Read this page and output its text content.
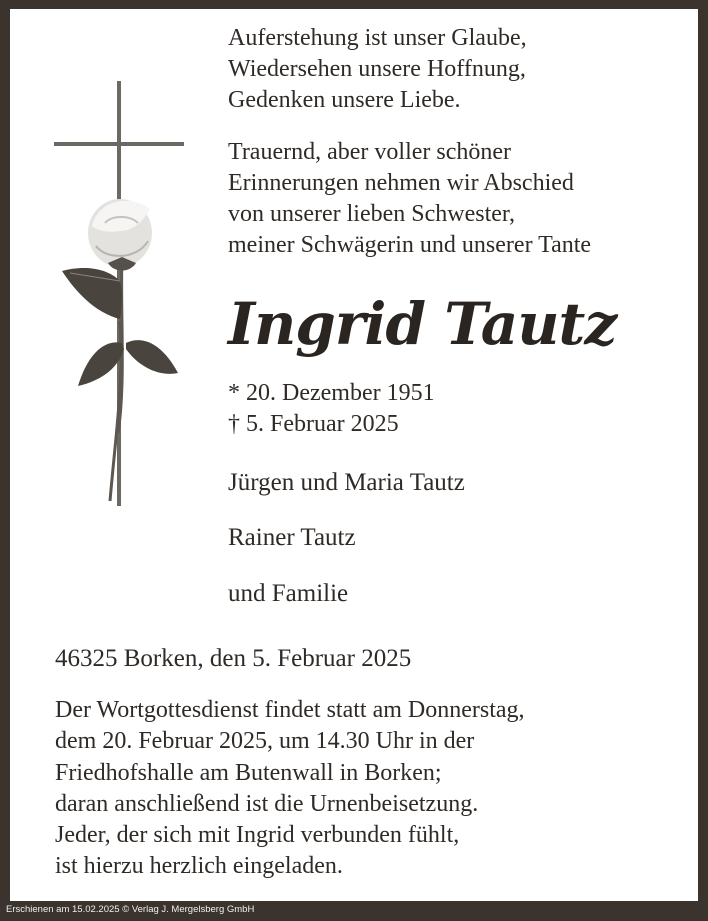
Auferstehung ist unser Glaube,
Wiedersehen unsere Hoffnung,
Gedenken unsere Liebe.
Trauernd, aber voller schöner
Erinnerungen nehmen wir Abschied
von unserer lieben Schwester,
meiner Schwägerin und unserer Tante
Ingrid Tautz
* 20. Dezember 1951
† 5. Februar 2025
Jürgen und Maria Tautz
Rainer Tautz
und Familie
46325 Borken, den 5. Februar 2025
Der Wortgottesdienst findet statt am Donnerstag,
dem 20. Februar 2025, um 14.30 Uhr in der
Friedhofshalle am Butenwall in Borken;
daran anschließend ist die Urnenbeisetzung.
Jeder, der sich mit Ingrid verbunden fühlt,
ist hierzu herzlich eingeladen.
Erschienen am 15.02.2025 © Verlag J. Mergelsberg GmbH
